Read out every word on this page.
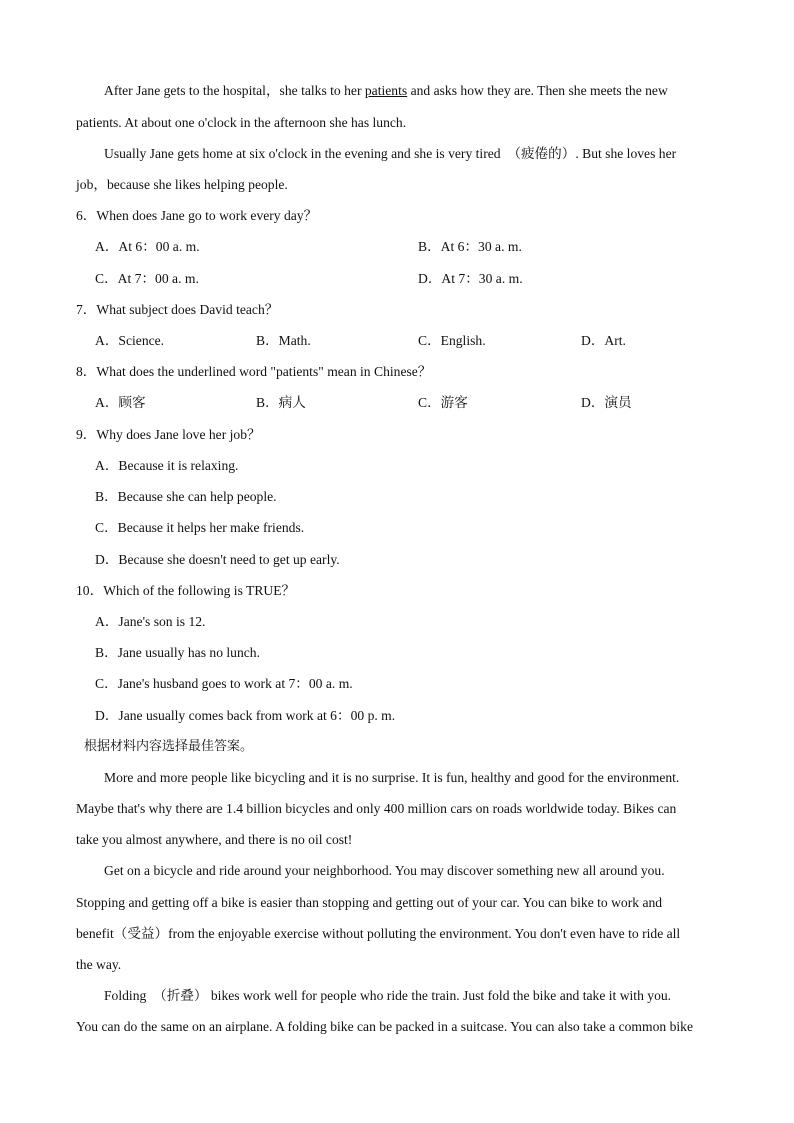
After Jane gets to the hospital，she talks to her patients and asks how they are. Then she meets the new
patients. At about one o'clock in the afternoon she has lunch.
Usually Jane gets home at six o'clock in the evening and she is very tired　（疲倦的）. But she loves her
job，because she likes helping people.
6．When does Jane go to work every day？
A．At 6：00 a. m.	B．At 6：30 a. m.
C．At 7：00 a. m.	D．At 7：30 a. m.
7．What subject does David teach？
A．Science.	B．Math.	C．English.	D．Art.
8．What does the underlined word "patients" mean in Chinese？
A．顾客	B．病人	C．游客	D．演员
9．Why does Jane love her job？
A．Because it is relaxing.
B．Because she can help people.
C．Because it helps her make friends.
D．Because she doesn't need to get up early.
10．Which of the following is TRUE？
A．Jane's son is 12.
B．Jane usually has no lunch.
C．Jane's husband goes to work at 7：00 a. m.
D．Jane usually comes back from work at 6：00 p. m.
根据材料内容选择最佳答案。
More and more people like bicycling and it is no surprise. It is fun, healthy and good for the environment.
Maybe that's why there are 1.4 billion bicycles and only 400 million cars on roads worldwide today. Bikes can
take you almost anywhere, and there is no oil cost!
Get on a bicycle and ride around your neighborhood. You may discover something new all around you.
Stopping and getting off a bike is easier than stopping and getting out of your car. You can bike to work and
benefit（受益）from the enjoyable exercise without polluting the environment. You don't even have to ride all
the way.
Folding　（折叠） bikes work well for people who ride the train. Just fold the bike and take it with you.
You can do the same on an airplane. A folding bike can be packed in a suitcase. You can also take a common bike
